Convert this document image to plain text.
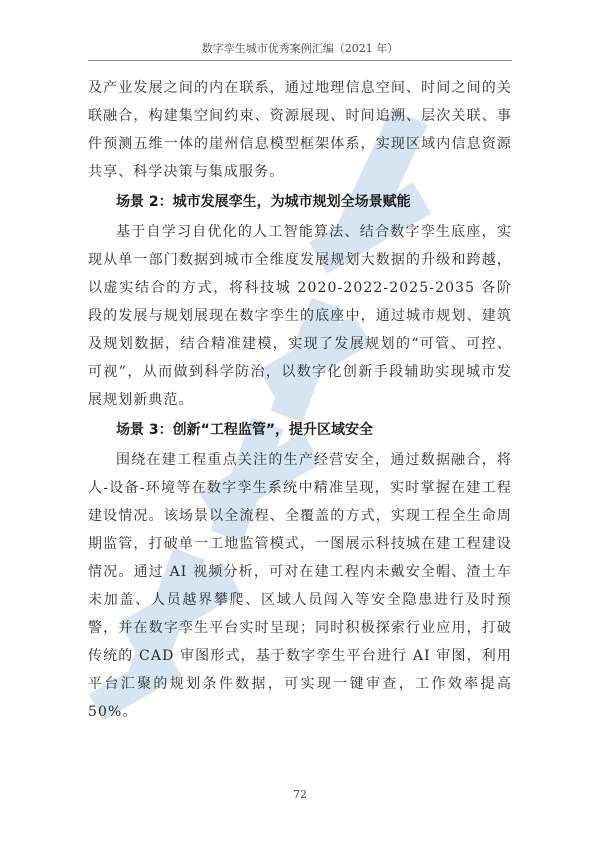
数字孪生城市优秀案例汇编（2021 年）

及产业发展之间的内在联系，通过地理信息空间、时间之间的关联融合，构建集空间约束、资源展现、时间追溯、层次关联、事件预测五维一体的崖州信息模型框架体系，实现区域内信息资源共享、科学决策与集成服务。

场景 2：城市发展孪生，为城市规划全场景赋能

基于自学习自优化的人工智能算法、结合数字孪生底座，实现从单一部门数据到城市全维度发展规划大数据的升级和跨越，以虚实结合的方式，将科技城 2020-2022-2025-2035 各阶段的发展与规划展现在数字孪生的底座中，通过城市规划、建筑及规划数据，结合精准建模，实现了发展规划的“可管、可控、可视”，从而做到科学防治，以数字化创新手段辅助实现城市发展规划新典范。

场景 3：创新“工程监管”，提升区域安全

围绕在建工程重点关注的生产经营安全，通过数据融合，将人-设备-环境等在数字孪生系统中精准呈现，实时掌握在建工程建设情况。该场景以全流程、全覆盖的方式，实现工程全生命周期监管，打破单一工地监管模式，一图展示科技城在建工程建设情况。通过 AI 视频分析，可对在建工程内未戴安全帽、渣土车未加盖、人员越界攀爬、区域人员闯入等安全隐患进行及时预警，并在数字孪生平台实时呈现；同时积极探索行业应用，打破传统的 CAD 审图形式，基于数字孪生平台进行 AI 审图，利用平台汇聚的规划条件数据，可实现一键审查，工作效率提高 50%。

72
